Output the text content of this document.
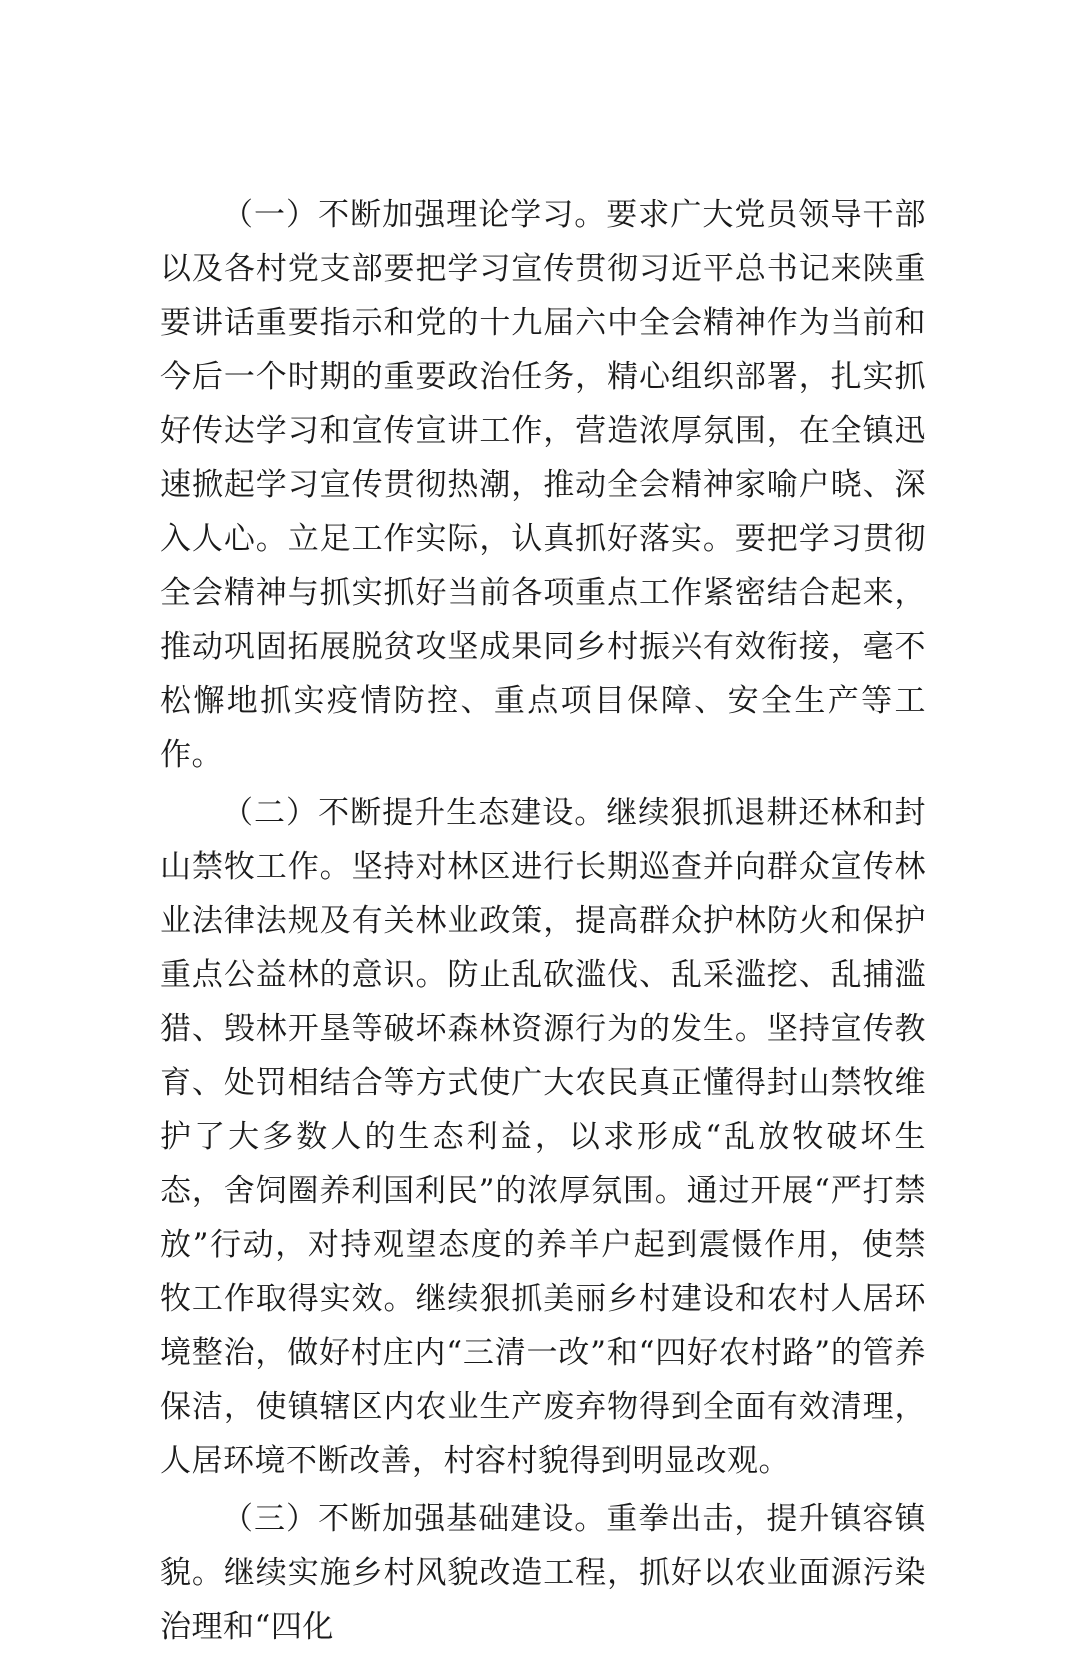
（一）不断加强理论学习。要求广大党员领导干部以及各村党支部要把学习宣传贯彻习近平总书记来陕重要讲话重要指示和党的十九届六中全会精神作为当前和今后一个时期的重要政治任务，精心组织部署，扎实抓好传达学习和宣传宣讲工作，营造浓厚氛围，在全镇迅速掀起学习宣传贯彻热潮，推动全会精神家喻户晓、深入人心。立足工作实际，认真抓好落实。要把学习贯彻全会精神与抓实抓好当前各项重点工作紧密结合起来，推动巩固拓展脱贫攻坚成果同乡村振兴有效衔接，毫不松懈地抓实疫情防控、重点项目保障、安全生产等工作。

（二）不断提升生态建设。继续狠抓退耕还林和封山禁牧工作。坚持对林区进行长期巡查并向群众宣传林业法律法规及有关林业政策，提高群众护林防火和保护重点公益林的意识。防止乱砍滥伐、乱采滥挖、乱捕滥猎、毁林开垦等破坏森林资源行为的发生。坚持宣传教育、处罚相结合等方式使广大农民真正懂得封山禁牧维护了大多数人的生态利益，以求形成“乱放牧破坏生态，舍饲圈养利国利民”的浓厚氛围。通过开展“严打禁放”行动，对持观望态度的养羊户起到震慑作用，使禁牧工作取得实效。继续狠抓美丽乡村建设和农村人居环境整治，做好村庄内“三清一改”和“四好农村路”的管养保洁，使镇辖区内农业生产废弃物得到全面有效清理，人居环境不断改善，村容村貌得到明显改观。

（三）不断加强基础建设。重拳出击，提升镇容镇貌。继续实施乡村风貌改造工程，抓好以农业面源污染治理和“四化
